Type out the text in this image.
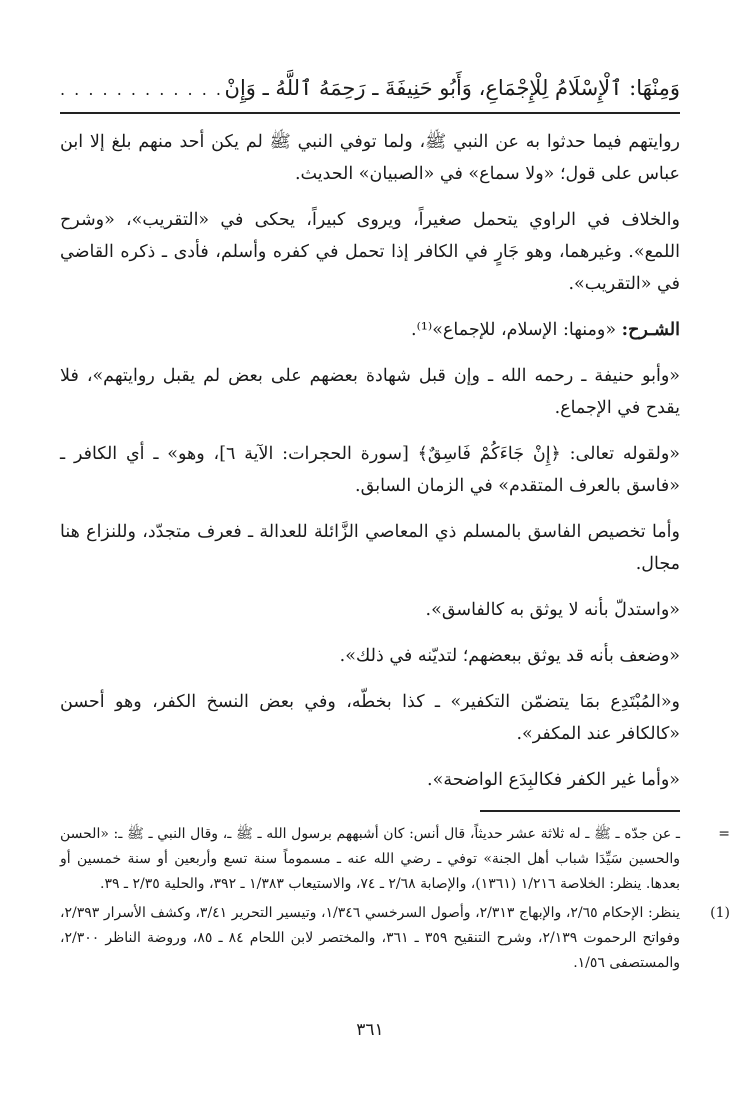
وَمِنْهَا: ٱلْإِسْلَامُ لِلْإِجْمَاعِ، وَأَبُو حَنِيفَةَ ـ رَحِمَهُ ٱللَّهُ ـ وَإِنْ
. . . . . . . . . . . .

روايتهم فيما حدثوا به عن النبي ﷺ، ولما توفي النبي ﷺ لم يكن أحد منهم بلغ إلا ابن عباس على قول؛ «ولا سماع» في «الصبيان» الحديث.

والخلاف في الراوي يتحمل صغيراً، ويروى كبيراً، يحكى في «التقريب»، «وشرح اللمع». وغيرهما، وهو جَارٍ في الكافر إذا تحمل في كفره وأسلم، فأدى ـ ذكره القاضي في «التقريب».

الشـرح: «ومنها: الإسلام، للإجماع»⁽¹⁾.

«وأبو حنيفة ـ رحمه الله ـ وإن قبل شهادة بعضهم على بعض لم يقبل روايتهم»، فلا يقدح في الإجماع.

«ولقوله تعالى: ﴿إِنْ جَاءَكُمْ فَاسِقٌ﴾ [سورة الحجرات: الآية ٦]، وهو» ـ أي الكافر ـ «فاسق بالعرف المتقدم» في الزمان السابق.

وأما تخصيص الفاسق بالمسلم ذي المعاصي الزَّائلة للعدالة ـ فعرف متجدّد، وللنزاع هنا مجال.

«واستدلّ بأنه لا يوثق به كالفاسق».

«وضعف بأنه قد يوثق ببعضهم؛ لتديّنه في ذلك».

و«المُبْتَدِع بمَا يتضمّن التكفير» ـ كذا بخطّه، وفي بعض النسخ الكفر، وهو أحسن «كالكافر عند المكفر».

«وأما غير الكفر فكالبِدَع الواضحة».

=
ـ عن جدّه ـ ﷺ ـ له ثلاثة عشر حديثاً، قال أنس: كان أشبههم برسول الله ـ ﷺ ـ، وقال النبي ـ ﷺ ـ: «الحسن والحسين سَيِّدَا شباب أهل الجنة» توفي ـ رضي الله عنه ـ مسموماً سنة تسع وأربعين أو سنة خمسين أو بعدها. ينظر: الخلاصة ١/٢١٦ (١٣٦١)، والإصابة ٢/٦٨ ـ ٧٤، والاستيعاب ١/٣٨٣ ـ ٣٩٢، والحلية ٢/٣٥ ـ ٣٩.

(1)
ينظر: الإحكام ٢/٦٥، والإبهاج ٢/٣١٣، وأصول السرخسي ١/٣٤٦، وتيسير التحرير ٣/٤١، وكشف الأسرار ٢/٣٩٣، وفواتح الرحموت ٢/١٣٩، وشرح التنقيح ٣٥٩ ـ ٣٦١، والمختصر لابن اللحام ٨٤ ـ ٨٥، وروضة الناظر ٢/٣٠٠، والمستصفى ١/٥٦.

٣٦١
